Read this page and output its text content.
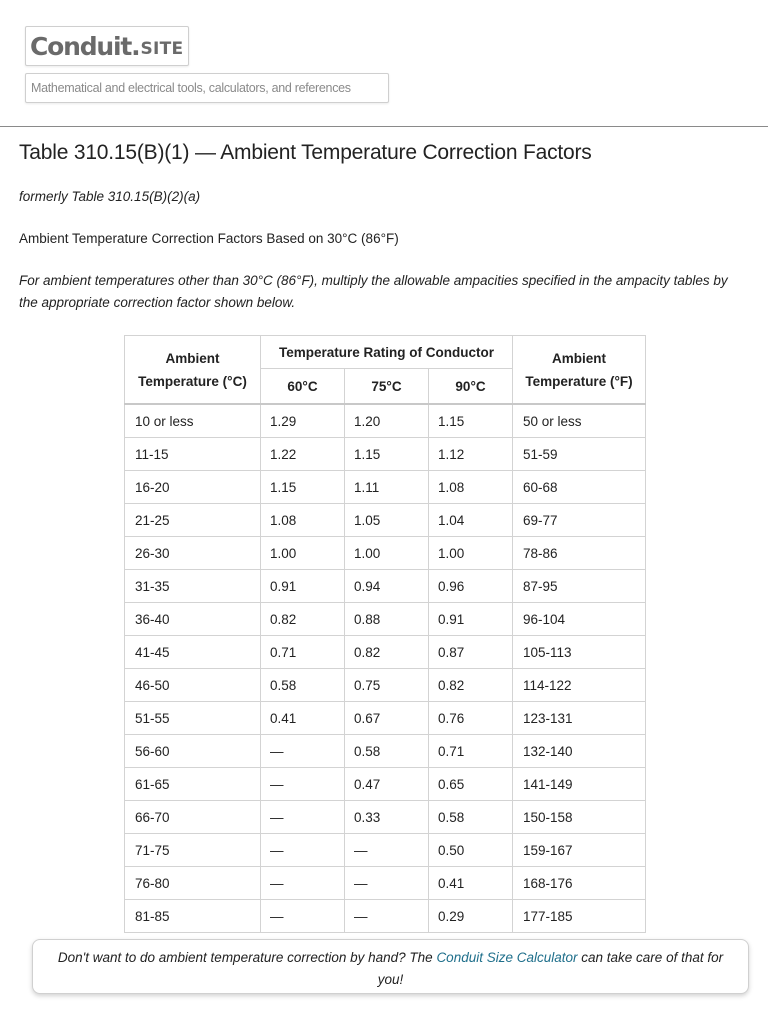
Conduit. SITE
Mathematical and electrical tools, calculators, and references
Table 310.15(B)(1) — Ambient Temperature Correction Factors

formerly Table 310.15(B)(2)(a)

Ambient Temperature Correction Factors Based on 30°C (86°F)

For ambient temperatures other than 30°C (86°F), multiply the allowable ampacities specified in the ampacity tables by the appropriate correction factor shown below.

Ambient Temperature (°C)	Temperature Rating of Conductor			Ambient Temperature (°F)
	60°C	75°C	90°C	
10 or less	1.29	1.20	1.15	50 or less
11-15	1.22	1.15	1.12	51-59
16-20	1.15	1.11	1.08	60-68
21-25	1.08	1.05	1.04	69-77
26-30	1.00	1.00	1.00	78-86
31-35	0.91	0.94	0.96	87-95
36-40	0.82	0.88	0.91	96-104
41-45	0.71	0.82	0.87	105-113
46-50	0.58	0.75	0.82	114-122
51-55	0.41	0.67	0.76	123-131
56-60	—	0.58	0.71	132-140
61-65	—	0.47	0.65	141-149
66-70	—	0.33	0.58	150-158
71-75	—	—	0.50	159-167
76-80	—	—	0.41	168-176
81-85	—	—	0.29	177-185
Don't want to do ambient temperature correction by hand? The Conduit Size Calculator can take care of that for you!
